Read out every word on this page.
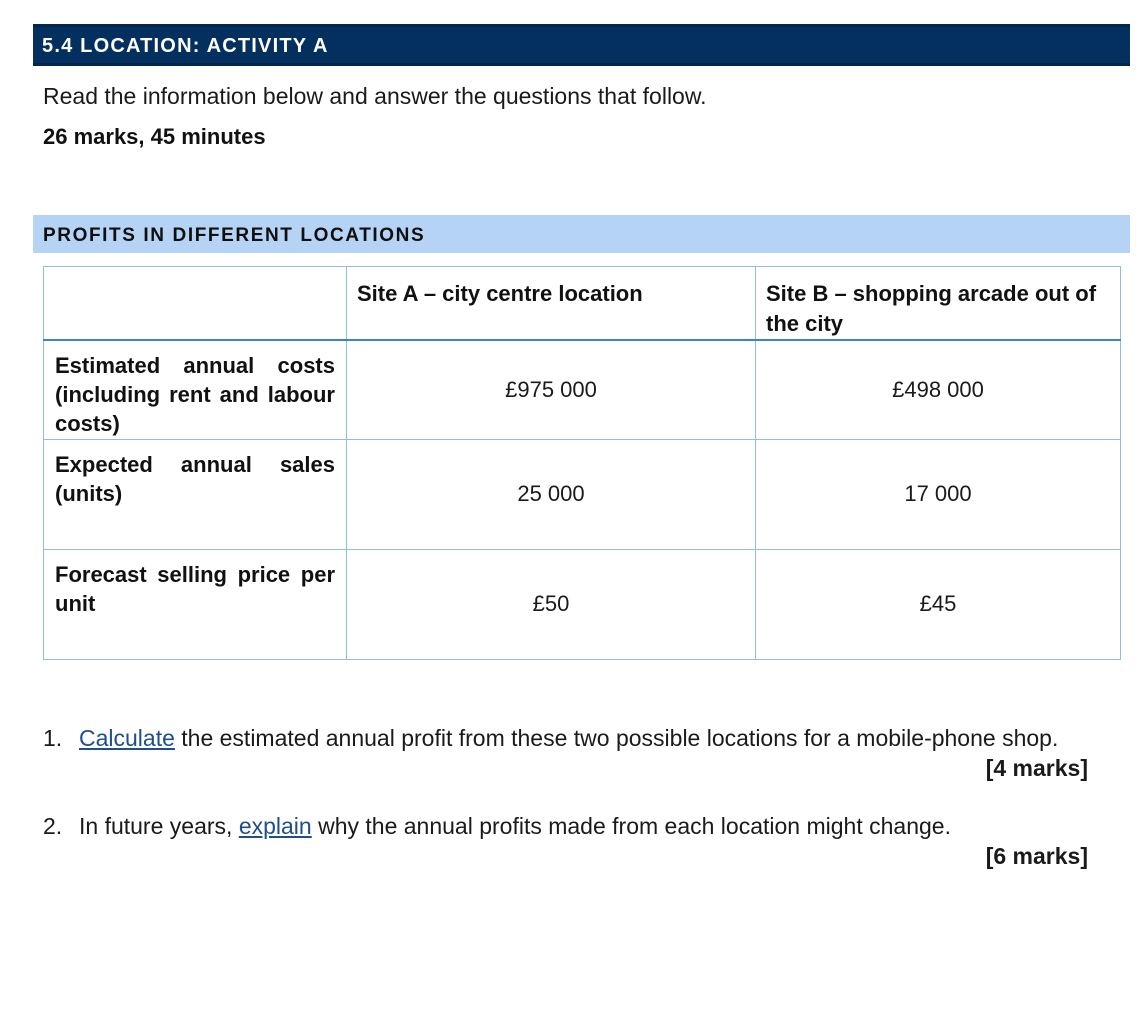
5.4 LOCATION: ACTIVITY A
Read the information below and answer the questions that follow.
26 marks, 45 minutes
PROFITS IN DIFFERENT LOCATIONS
	Site A – city centre location	Site B – shopping arcade out of the city
Estimated annual costs (including rent and labour costs)	£975 000	£498 000
Expected annual sales (units)	25 000	17 000
Forecast selling price per unit	£50	£45
1. Calculate the estimated annual profit from these two possible locations for a mobile-phone shop.
[4 marks]
2. In future years, explain why the annual profits made from each location might change.

[6 marks]
